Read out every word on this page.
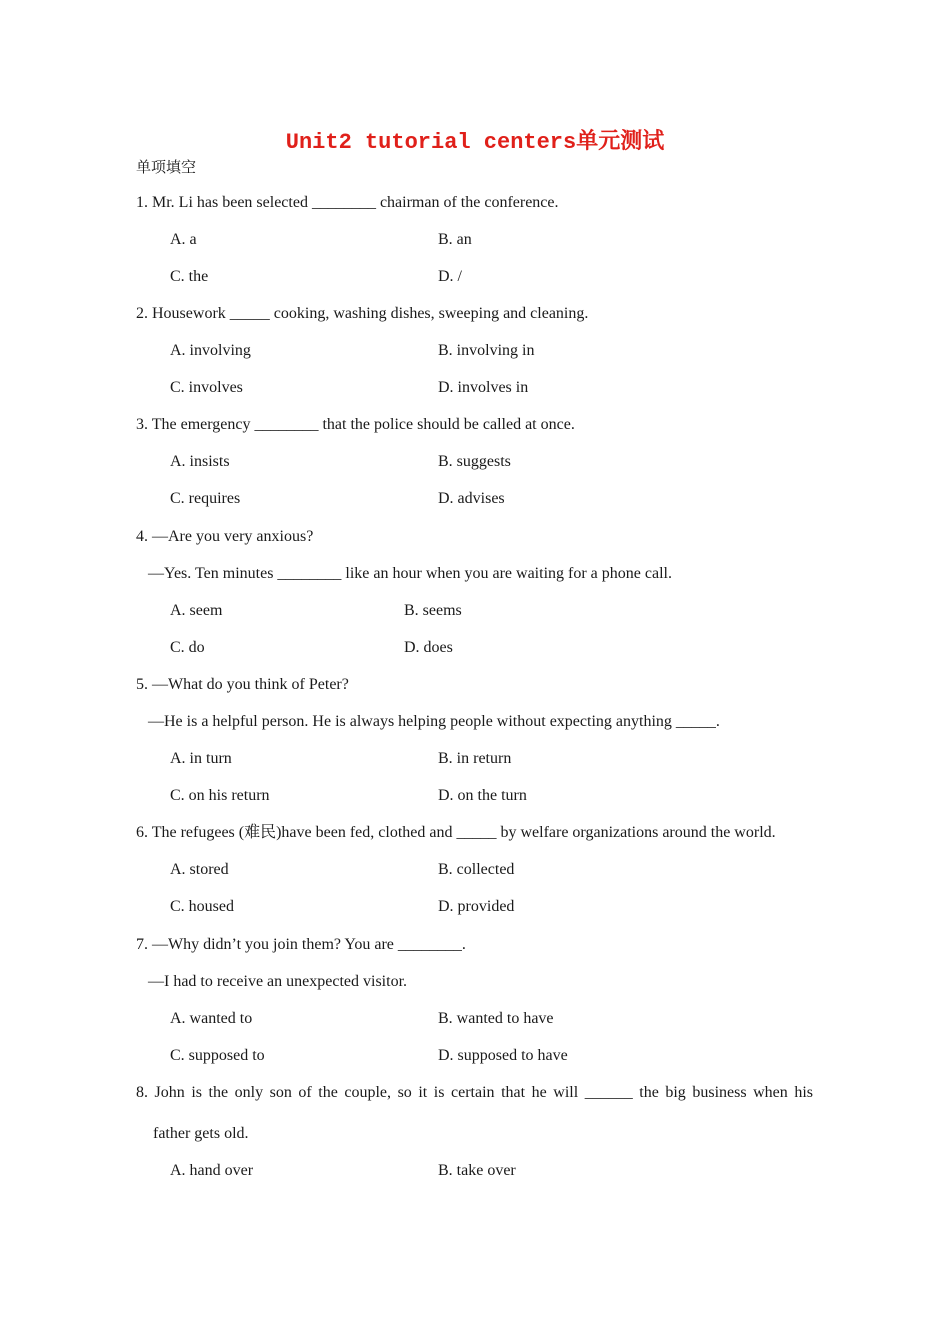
Unit2 tutorial centers单元测试
单项填空
1. Mr. Li has been selected ________ chairman of the conference.
A. a	B. an
C. the	D. /
2. Housework _____ cooking, washing dishes, sweeping and cleaning.
A. involving	B. involving in
C. involves	D. involves in
3. The emergency ________ that the police should be called at once.
A. insists	B. suggests
C. requires	D. advises
4. —Are you very anxious?
—Yes. Ten minutes ________ like an hour when you are waiting for a phone call.
A. seem	B. seems
C. do	D. does
5. —What do you think of Peter?
—He is a helpful person. He is always helping people without expecting anything _____.
A. in turn	B. in return
C. on his return	D. on the turn
6. The refugees (难民)have been fed, clothed and _____ by welfare organizations around the world.
A. stored	B. collected
C. housed	D. provided
7. —Why didn’t you join them? You are ________.
—I had to receive an unexpected visitor.
A. wanted to	B. wanted to have
C. supposed to	D. supposed to have
8. John is the only son of the couple, so it is certain that he will ______ the big business when his
father gets old.
A. hand over	B. take over
